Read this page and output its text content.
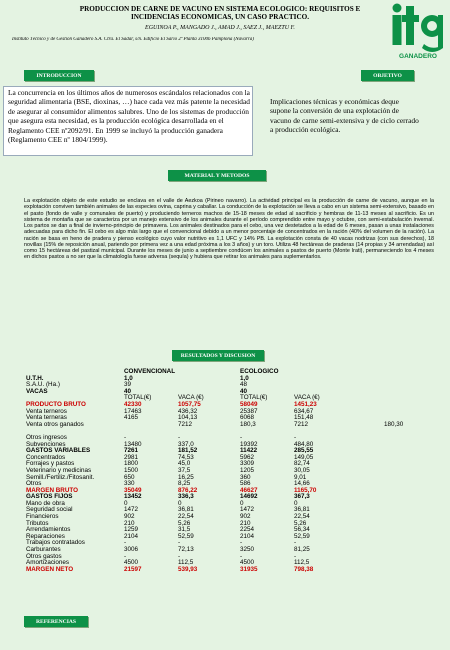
PRODUCCION DE CARNE DE VACUNO EN SISTEMA ECOLOGICO: REQUISITOS E INCIDENCIAS ECONOMICAS, UN CASO PRACTICO.
EGUINOA P., MANGADO J., AMAD J., SAEZ J., MAEZTU F.
Instituto Técnico y de Gestión Ganadero S.A. Ctra. El Sadar, s/n. Edificio El Sario 2ª Planta 31006 Pamplona (Navarra)
GANADERO
INTRODUCCION	OBJETIVO
La concurrencia en los últimos años de numerosos escándalos relacionados con la seguridad alimentaria (BSE, dioxinas, …) hace cada vez más patente la necesidad de asegurar al consumidor alimentos salubres. Uno de los sistemas de producción que asegura esta necesidad, es la producción ecológica desarrollada en el Reglamento CEE nº2092/91. En 1999 se incluyó la producción ganadera (Reglamento CEE nº 1804/1999).
Implicaciones técnicas y económicas deque supone la conversión de una explotación de vacuno de carne semi-extensiva y de ciclo cerrado a producción ecológica.
MATERIAL Y METODOS
La explotación objeto de este estudio se enclava en el valle de Aezkoa (Pirineo navarro). La actividad principal es la producción de carne de vacuno, aunque en la explotación conviven también animales de las especies ovina, caprina y caballar. La conducción de la explotación se lleva a cabo en un sistema semi-extensivo, basado en el pasto (fondo de valle y comunales de puerto) y produciendo terneros machos de 15-18 meses de edad al sacrificio y hembras de 11-13 meses al sacrificio. Es un sistema de montaña que se caracteriza por un manejo extensivo de los animales durante el período comprendido entre mayo y octubre, con semi-estabulación invernal. Los partos se dan a final de invierno-principio de primavera. Los animales destinados para el cebo, una vez destetados a la edad de 6 meses, pasan a unas instalaciones adecuadas para dicho fin. El cebo es algo más largo que el convencional debido a un menor porcentaje de concentrados en la ración (40% del volumen de la ración). La ración se basa en heno de pradera y pienso ecológico cuyo valor nutritivo es 1,1 UFC y 14% PB. La explotación consta de 40 vacas nodrizas (con sus derechos), 18 novillas (15% de reposición anual, pariendo por primera vez a una edad próxima a los 3 años) y un toro. Utiliza 48 hectáreas de praderas (14 propias y 34 arrendadas) así como 15 hectáreas del pastizal municipal. Durante los meses de junio a septiembre condúcen los animales a pastos de puerto (Monte Irati), permaneciendo los 4 meses en dichos pastos a no ser que la climatología fuese adversa (sequía) y hubiera que retirar los animales para suplementarlos.
RESULTADOS Y DISCUSION
CONVENCIONAL	ECOLOGICO
U.T.H.	1,0	1,0
S.A.U. (Ha.)	39	48
VACAS	40	40
TOTAL(€)	VACA (€)	TOTAL(€)	VACA (€)
PRODUCTO BRUTO	42330	1057,75	58049	1451,23
Venta terneros	17463	436,32	25387	634,67
Venta terneras	4165	104,13	6068	151,48
Venta otros ganados	7212	180,3	7212	180,30
Otros ingresos	-	-	-	-
Subvenciones	13480	337,0	19392	484,80
GASTOS VARIABLES	7261	181,52	11422	285,55
Concentrados	2981	74,53	5962	149,05
Forrajes y pastos	1800	45,0	3309	82,74
Veterinario y medicinas	1500	37,5	1205	30,05
Semill./Fertiliz./Fitosanit.	650	16,25	360	9,01
Otros	330	8,25	586	14,66
MARGEN BRUTO	35049	876,22	46627	1165,70
GASTOS FIJOS	13452	336,3	14692	367,3
Mano de obra	0	0	0	0
Seguridad social	1472	36,81	1472	36,81
Financieros	902	22,54	902	22,54
Tributos	210	5,26	210	5,26
Arrendamientos	1259	31,5	2254	56,34
Reparaciones	2104	52,59	2104	52,59
Trabajos contratados	-	-	-	-
Carburantes	3006	72,13	3250	81,25
Otros gastos	-	-	-	-
Amortizaciones	4500	112,5	4500	112,5
MARGEN NETO	21597	539,93	31935	798,38
REFERENCIAS
